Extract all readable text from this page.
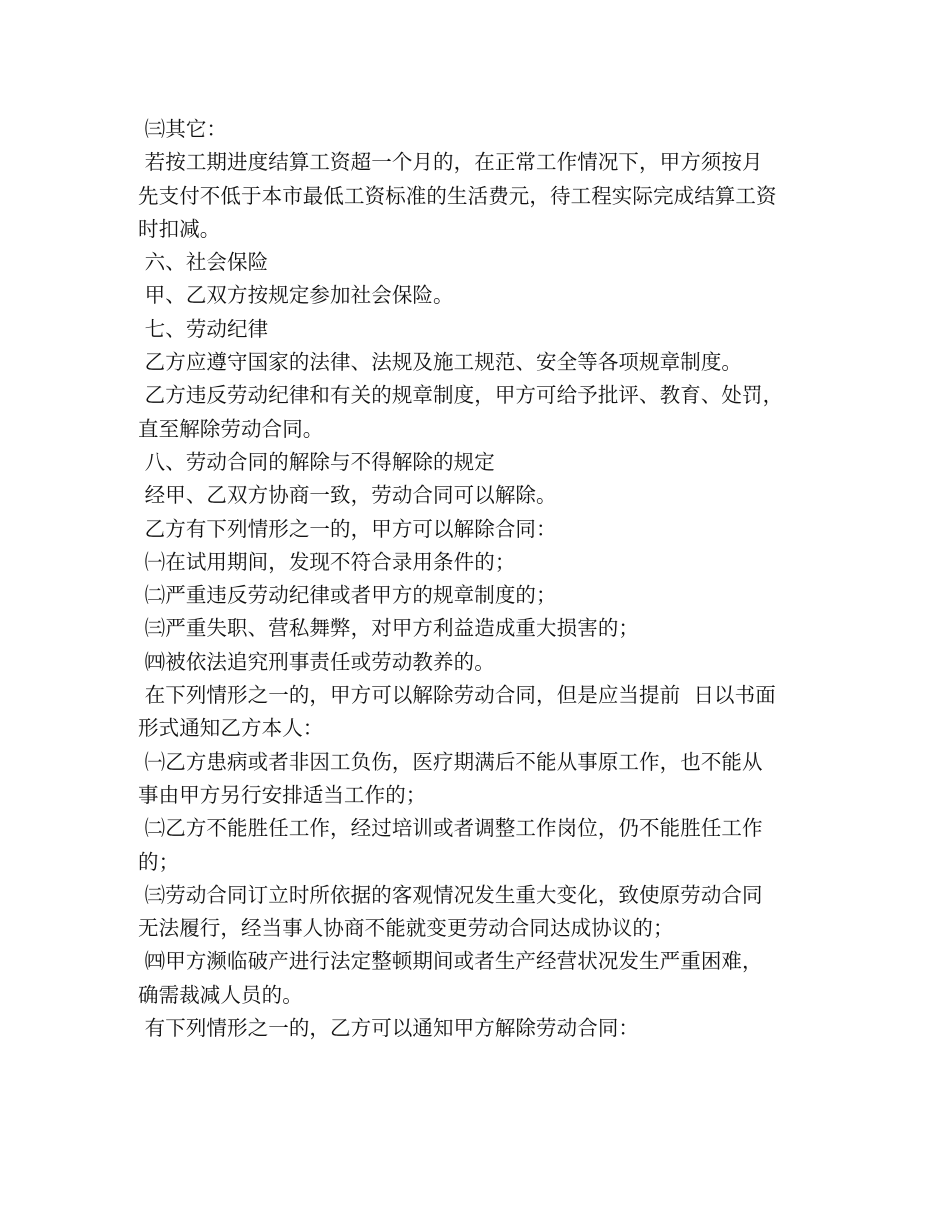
㈢其它：
若按工期进度结算工资超一个月的，在正常工作情况下，甲方须按月
先支付不低于本市最低工资标准的生活费元，待工程实际完成结算工资
时扣减。
六、社会保险
甲、乙双方按规定参加社会保险。
七、劳动纪律
乙方应遵守国家的法律、法规及施工规范、安全等各项规章制度。
乙方违反劳动纪律和有关的规章制度，甲方可给予批评、教育、处罚，
直至解除劳动合同。
八、劳动合同的解除与不得解除的规定
经甲、乙双方协商一致，劳动合同可以解除。
乙方有下列情形之一的，甲方可以解除合同：
㈠在试用期间，发现不符合录用条件的；
㈡严重违反劳动纪律或者甲方的规章制度的；
㈢严重失职、营私舞弊，对甲方利益造成重大损害的；
㈣被依法追究刑事责任或劳动教养的。
在下列情形之一的，甲方可以解除劳动合同，但是应当提前  日以书面
形式通知乙方本人：
㈠乙方患病或者非因工负伤，医疗期满后不能从事原工作，也不能从
事由甲方另行安排适当工作的；
㈡乙方不能胜任工作，经过培训或者调整工作岗位，仍不能胜任工作
的；
㈢劳动合同订立时所依据的客观情况发生重大变化，致使原劳动合同
无法履行，经当事人协商不能就变更劳动合同达成协议的；
㈣甲方濒临破产进行法定整顿期间或者生产经营状况发生严重困难，
确需裁减人员的。
有下列情形之一的，乙方可以通知甲方解除劳动合同：
